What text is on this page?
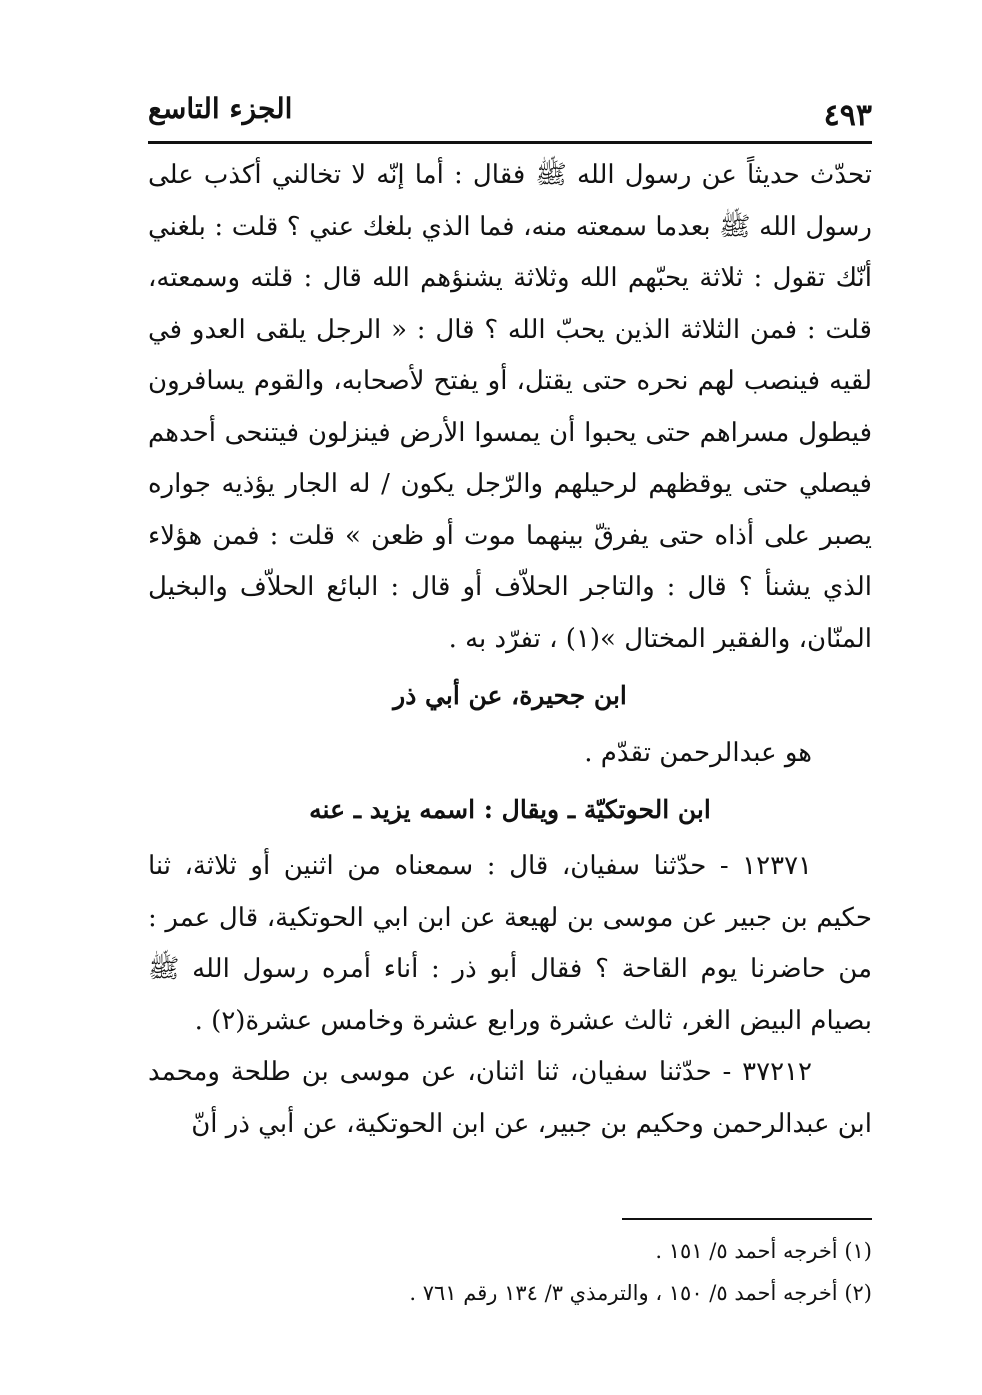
٤٩٣
الجزء التاسع

تحدّث حديثاً عن رسول الله ﷺ فقال : أما إنّه لا تخالني أكذب على رسول الله ﷺ بعدما سمعته منه، فما الذي بلغك عني ؟ قلت : بلغني أنّك تقول : ثلاثة يحبّهم الله وثلاثة يشنؤهم الله قال : قلته وسمعته، قلت : فمن الثلاثة الذين يحبّ الله ؟ قال : « الرجل يلقى العدو في لقيه فينصب لهم نحره حتى يقتل، أو يفتح لأصحابه، والقوم يسافرون فيطول مسراهم حتى يحبوا أن يمسوا الأرض فينزلون فيتنحى أحدهم فيصلي حتى يوقظهم لرحيلهم والرّجل يكون / له الجار يؤذيه جواره يصبر على أذاه حتى يفرقّ بينهما موت أو ظعن » قلت : فمن هؤلاء الذي يشنأ ؟ قال : والتاجر الحلاّف أو قال : البائع الحلاّف والبخيل المنّان، والفقير المختال »(١) ، تفرّد به .

ابن جحيرة، عن أبي ذر

هو عبدالرحمن تقدّم .

ابن الحوتكيّة ـ ويقال : اسمه يزيد ـ عنه

١٢٣٧١ - حدّثنا سفيان، قال : سمعناه من اثنين أو ثلاثة، ثنا حكيم بن جبير عن موسى بن لهيعة عن ابن ابي الحوتكية، قال عمر : من حاضرنا يوم القاحة ؟ فقال أبو ذر : أناء أمره رسول الله ﷺ بصيام البيض الغر، ثالث عشرة ورابع عشرة وخامس عشرة(٢) .

٣٧٢١٢ - حدّثنا سفيان، ثنا اثنان، عن موسى بن طلحة ومحمد ابن عبدالرحمن وحكيم بن جبير، عن ابن الحوتكية، عن أبي ذر أنّ

(١) أخرجه أحمد ٥/ ١٥١ .

(٢) أخرجه أحمد ٥/ ١٥٠ ، والترمذي ٣/ ١٣٤ رقم ٧٦١ .
